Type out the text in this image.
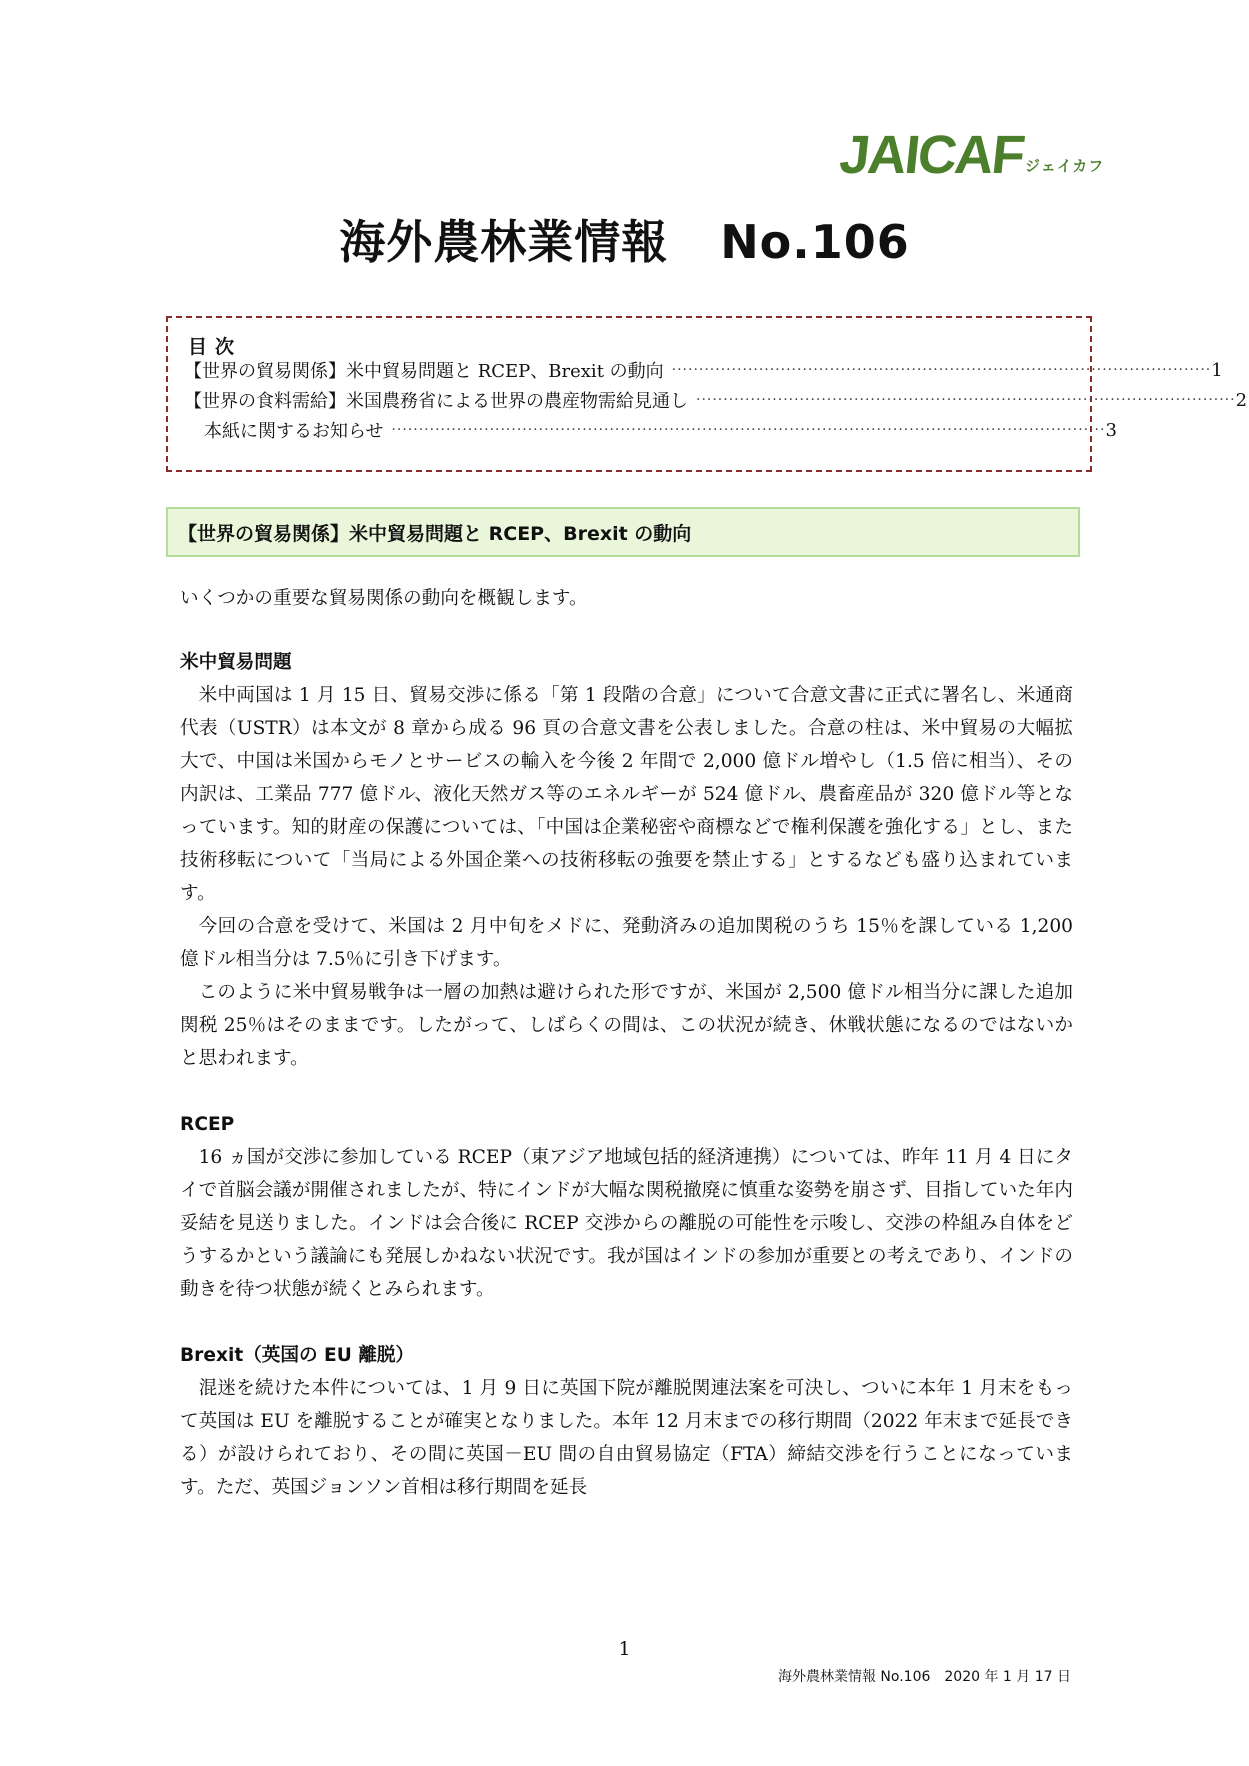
JAICAF
ジェイカフ
海外農林業情報 No.106
目次
【世界の貿易関係】米中貿易問題と RCEP、Brexit の動向 ··································································································· 1
【世界の食料需給】米国農務省による世界の農産物需給見通し ··································································································· 2
本紙に関するお知らせ ··································································································································· 3
【世界の貿易関係】米中貿易問題と RCEP、Brexit の動向

いくつかの重要な貿易関係の動向を概観します。

米中貿易問題

米中両国は 1 月 15 日、貿易交渉に係る「第 1 段階の合意」について合意文書に正式に署名し、米通商代表（USTR）は本文が 8 章から成る 96 頁の合意文書を公表しました。合意の柱は、米中貿易の大幅拡大で、中国は米国からモノとサービスの輸入を今後 2 年間で 2,000 億ドル増やし（1.5 倍に相当）、その内訳は、工業品 777 億ドル、液化天然ガス等のエネルギーが 524 億ドル、農畜産品が 320 億ドル等となっています。知的財産の保護については、「中国は企業秘密や商標などで権利保護を強化する」とし、また技術移転について「当局による外国企業への技術移転の強要を禁止する」とするなども盛り込まれています。

今回の合意を受けて、米国は 2 月中旬をメドに、発動済みの追加関税のうち 15％を課している 1,200 億ドル相当分は 7.5％に引き下げます。

このように米中貿易戦争は一層の加熱は避けられた形ですが、米国が 2,500 億ドル相当分に課した追加関税 25％はそのままです。したがって、しばらくの間は、この状況が続き、休戦状態になるのではないかと思われます。

RCEP

16 ヵ国が交渉に参加している RCEP（東アジア地域包括的経済連携）については、昨年 11 月 4 日にタイで首脳会議が開催されましたが、特にインドが大幅な関税撤廃に慎重な姿勢を崩さず、目指していた年内妥結を見送りました。インドは会合後に RCEP 交渉からの離脱の可能性を示唆し、交渉の枠組み自体をどうするかという議論にも発展しかねない状況です。我が国はインドの参加が重要との考えであり、インドの動きを待つ状態が続くとみられます。

Brexit（英国の EU 離脱）

混迷を続けた本件については、1 月 9 日に英国下院が離脱関連法案を可決し、ついに本年 1 月末をもって英国は EU を離脱することが確実となりました。本年 12 月末までの移行期間（2022 年末まで延長できる）が設けられており、その間に英国－EU 間の自由貿易協定（FTA）締結交渉を行うことになっています。ただ、英国ジョンソン首相は移行期間を延長

1
海外農林業情報 No.106　2020 年 1 月 17 日
